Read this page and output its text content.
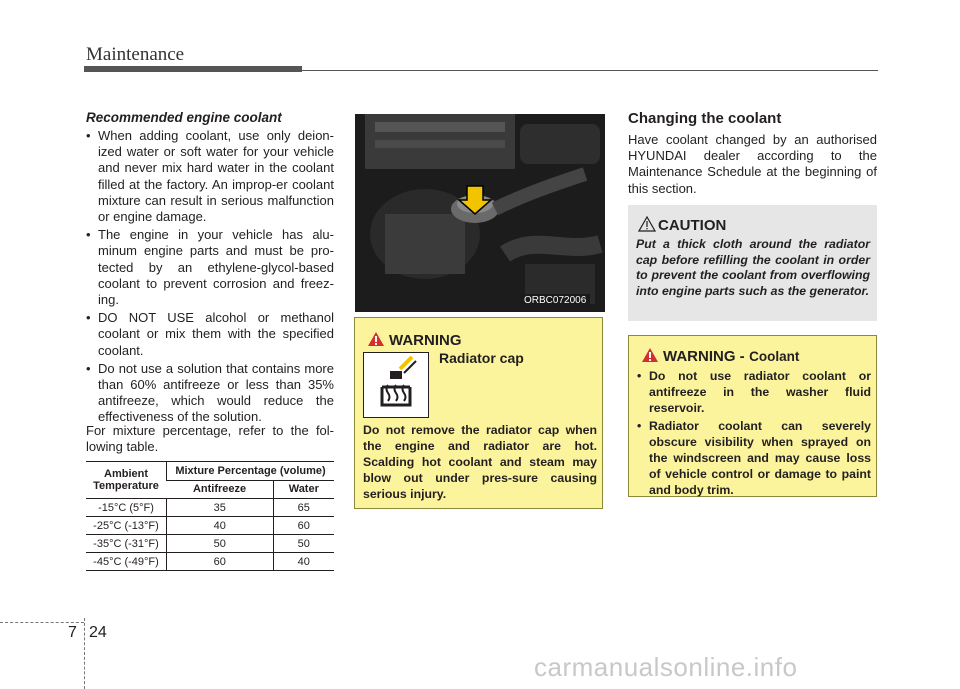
Maintenance
Recommended engine coolant
• When adding coolant, use only deion-ized water or soft water for your vehicle and never mix hard water in the coolant filled at the factory. An improp-er coolant mixture can result in serious malfunction or engine damage.
• The engine in your vehicle has alu-minum engine parts and must be pro-tected by an ethylene-glycol-based coolant to prevent corrosion and freez-ing.
• DO NOT USE alcohol or methanol coolant or mix them with the specified coolant.
• Do not use a solution that contains more than 60% antifreeze or less than 35% antifreeze, which would reduce the effectiveness of the solution.
For mixture percentage, refer to the fol-lowing table.
Ambient Temperature	Mixture Percentage (volume)	
	Antifreeze	Water
-15°C (5°F)	35	65
-25°C (-13°F)	40	60
-35°C (-31°F)	50	50
-45°C (-49°F)	60	40
ORBC072006
WARNING
Radiator cap
Do not remove the radiator cap when the engine and radiator are hot. Scalding hot coolant and steam may blow out under pres-sure causing serious injury.
Changing the coolant
Have coolant changed by an authorised HYUNDAI dealer according to the Maintenance Schedule at the beginning of this section.
CAUTION
Put a thick cloth around the radiator cap before refilling the coolant in order to prevent the coolant from overflowing into engine parts such as the generator.
WARNING - Coolant
• Do not use radiator coolant or antifreeze in the washer fluid reservoir.
• Radiator coolant can severely obscure visibility when sprayed on the windscreen and may cause loss of vehicle control or damage to paint and body trim.
7 24
carmanualsonline.info
